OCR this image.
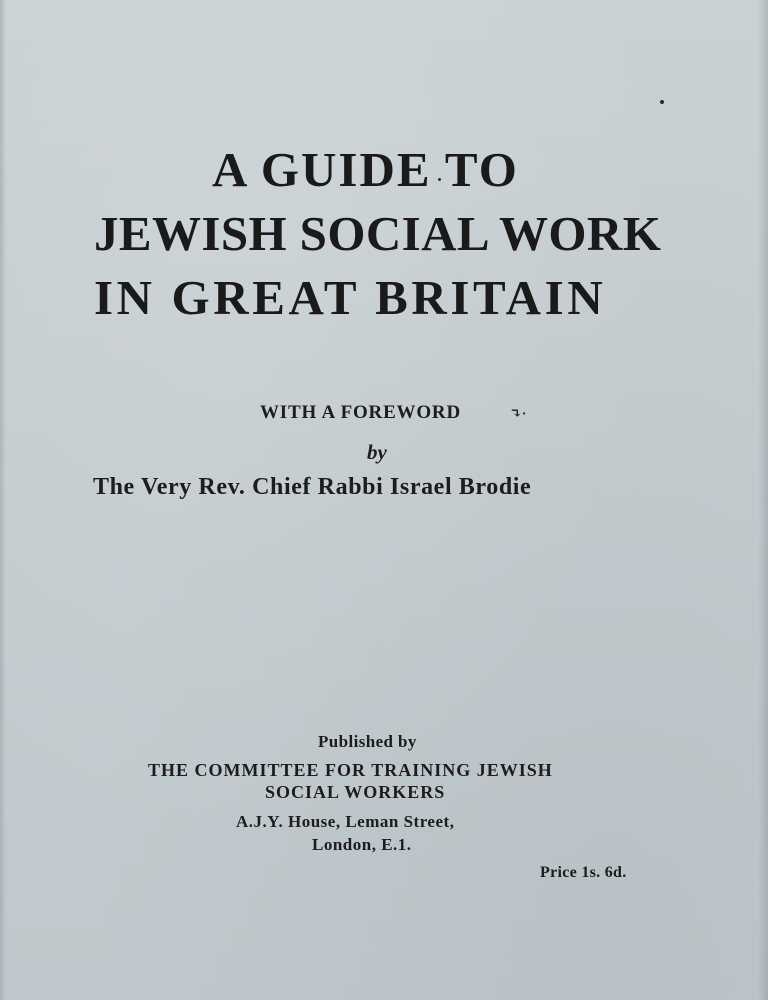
A GUIDE TO
JEWISH SOCIAL WORK
IN GREAT BRITAIN
WITH A FOREWORD	↴·
by
The Very Rev. Chief Rabbi Israel Brodie
Published by
THE COMMITTEE FOR TRAINING JEWISH
SOCIAL WORKERS
A.J.Y. House, Leman Street,
London, E.1.
Price 1s. 6d.
